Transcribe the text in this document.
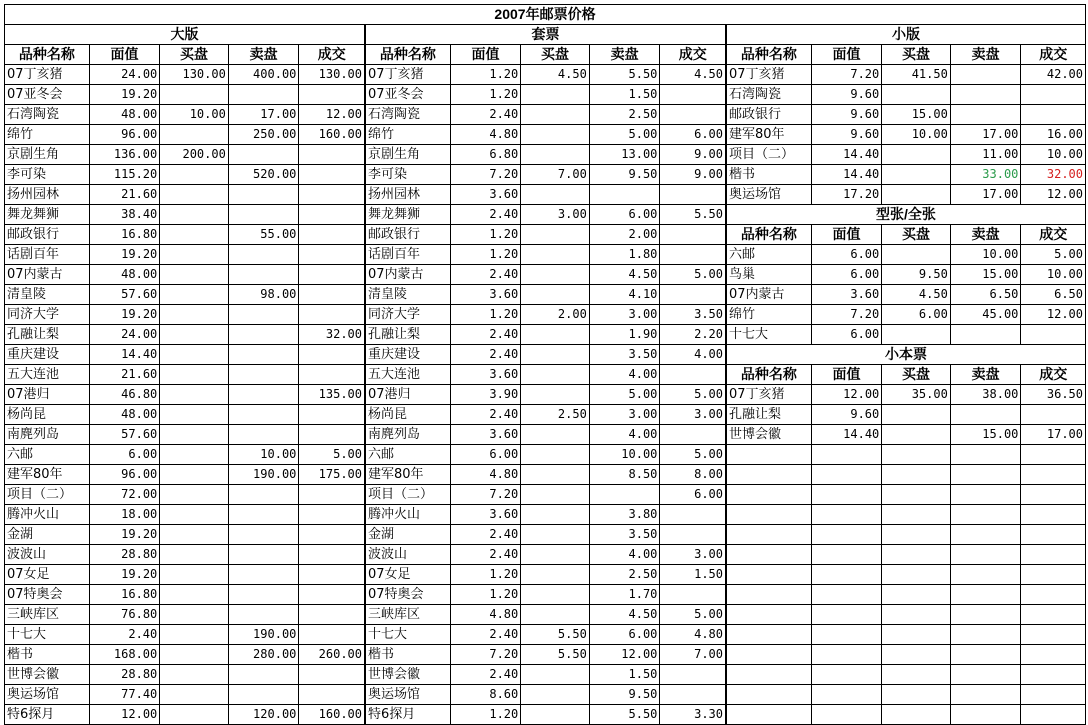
2007年邮票价格
大版				
品种名称	面值	买盘	卖盘	成交
07丁亥猪	24.00	130.00	400.00	130.00
07亚冬会	19.20			
石湾陶瓷	48.00	10.00	17.00	12.00
绵竹	96.00		250.00	160.00
京剧生角	136.00	200.00		
李可染	115.20		520.00	
扬州园林	21.60			
舞龙舞狮	38.40			
邮政银行	16.80		55.00	
话剧百年	19.20			
07内蒙古	48.00			
清皇陵	57.60		98.00	
同济大学	19.20			
孔融让梨	24.00			32.00
重庆建设	14.40			
五大连池	21.60			
07港归	46.80			135.00
杨尚昆	48.00			
南麂列岛	57.60			
六邮	6.00		10.00	5.00
建军80年	96.00		190.00	175.00
项目（二）	72.00			
腾冲火山	18.00			
金湖	19.20			
波波山	28.80			
07女足	19.20			
07特奥会	16.80			
三峡库区	76.80			
十七大	2.40		190.00	
楷书	168.00		280.00	260.00
世博会徽	28.80			
奥运场馆	77.40			
特6探月	12.00		120.00	160.00
套票				
品种名称	面值	买盘	卖盘	成交
07丁亥猪	1.20	4.50	5.50	4.50
07亚冬会	1.20		1.50	
石湾陶瓷	2.40		2.50	
绵竹	4.80		5.00	6.00
京剧生角	6.80		13.00	9.00
李可染	7.20	7.00	9.50	9.00
扬州园林	3.60			
舞龙舞狮	2.40	3.00	6.00	5.50
邮政银行	1.20		2.00	
话剧百年	1.20		1.80	
07内蒙古	2.40		4.50	5.00
清皇陵	3.60		4.10	
同济大学	1.20	2.00	3.00	3.50
孔融让梨	2.40		1.90	2.20
重庆建设	2.40		3.50	4.00
五大连池	3.60		4.00	
07港归	3.90		5.00	5.00
杨尚昆	2.40	2.50	3.00	3.00
南麂列岛	3.60		4.00	
六邮	6.00		10.00	5.00
建军80年	4.80		8.50	8.00
项目（二）	7.20			6.00
腾冲火山	3.60		3.80	
金湖	2.40		3.50	
波波山	2.40		4.00	3.00
07女足	1.20		2.50	1.50
07特奥会	1.20		1.70	
三峡库区	4.80		4.50	5.00
十七大	2.40	5.50	6.00	4.80
楷书	7.20	5.50	12.00	7.00
世博会徽	2.40		1.50	
奥运场馆	8.60		9.50	
特6探月	1.20		5.50	3.30
小版				
品种名称	面值	买盘	卖盘	成交
07丁亥猪	7.20	41.50		42.00
石湾陶瓷	9.60			
邮政银行	9.60	15.00		
建军80年	9.60	10.00	17.00	16.00
项目（二）	14.40		11.00	10.00
楷书	14.40		33.00	32.00
奥运场馆	17.20		17.00	12.00
型张/全张				
品种名称	面值	买盘	卖盘	成交
六邮	6.00		10.00	5.00
鸟巢	6.00	9.50	15.00	10.00
07内蒙古	3.60	4.50	6.50	6.50
绵竹	7.20	6.00	45.00	12.00
十七大	6.00			
小本票				
品种名称	面值	买盘	卖盘	成交
07丁亥猪	12.00	35.00	38.00	36.50
孔融让梨	9.60			
世博会徽	14.40		15.00	17.00
